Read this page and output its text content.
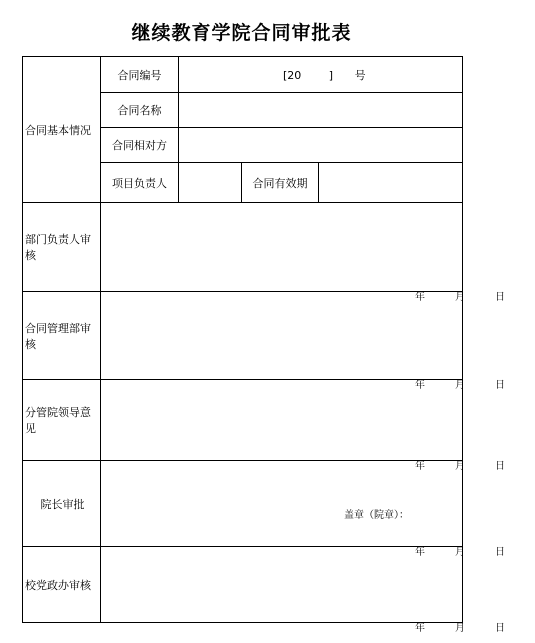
继续教育学院合同审批表
合同基本情况	合同编号	[20 ] 号		
	合同名称			
	合同相对方			
	项目负责人		合同有效期	
部门负责人审核	年 月 日			

合同管理部审核	年 月 日			

分管院领导意见	年 月 日			

院长审批	盖章（院章）：
年 月 日			

校党政办审核	年 月 日			
